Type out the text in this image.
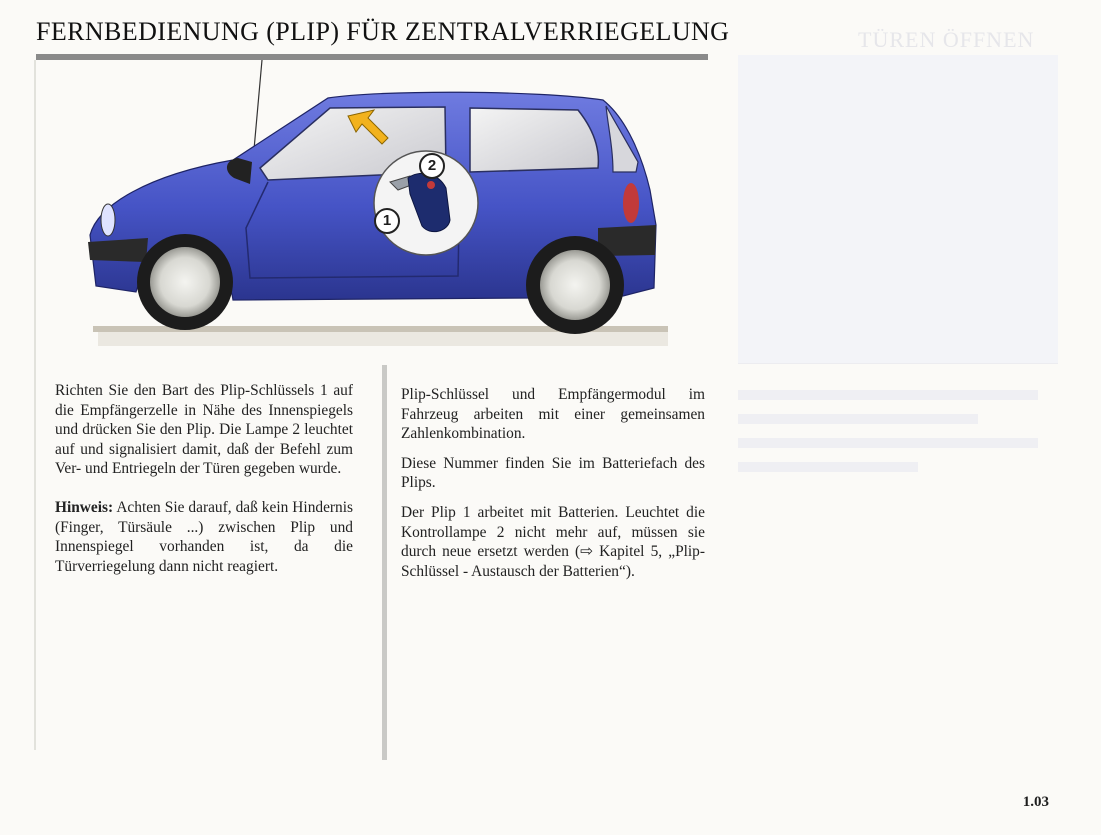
FERNBEDIENUNG (PLIP) FÜR ZENTRALVERRIEGELUNG	TÜREN ÖFFNEN
2
1

Richten Sie den Bart des Plip-Schlüssels 1 auf die Empfängerzelle in Nähe des Innenspiegels und drücken Sie den Plip. Die Lampe 2 leuchtet auf und signalisiert damit, daß der Befehl zum Ver- und Entriegeln der Türen gegeben wurde.

Hinweis: Achten Sie darauf, daß kein Hindernis (Finger, Türsäule ...) zwischen Plip und Innenspiegel vorhanden ist, da die Türverriegelung dann nicht reagiert.

Plip-Schlüssel und Empfängermodul im Fahrzeug arbeiten mit einer gemeinsamen Zahlenkombination.

Diese Nummer finden Sie im Batteriefach des Plips.

Der Plip 1 arbeitet mit Batterien. Leuchtet die Kontrollampe 2 nicht mehr auf, müssen sie durch neue ersetzt werden (⇨ Kapitel 5, „Plip-Schlüssel - Austausch der Batterien“).

1.03
